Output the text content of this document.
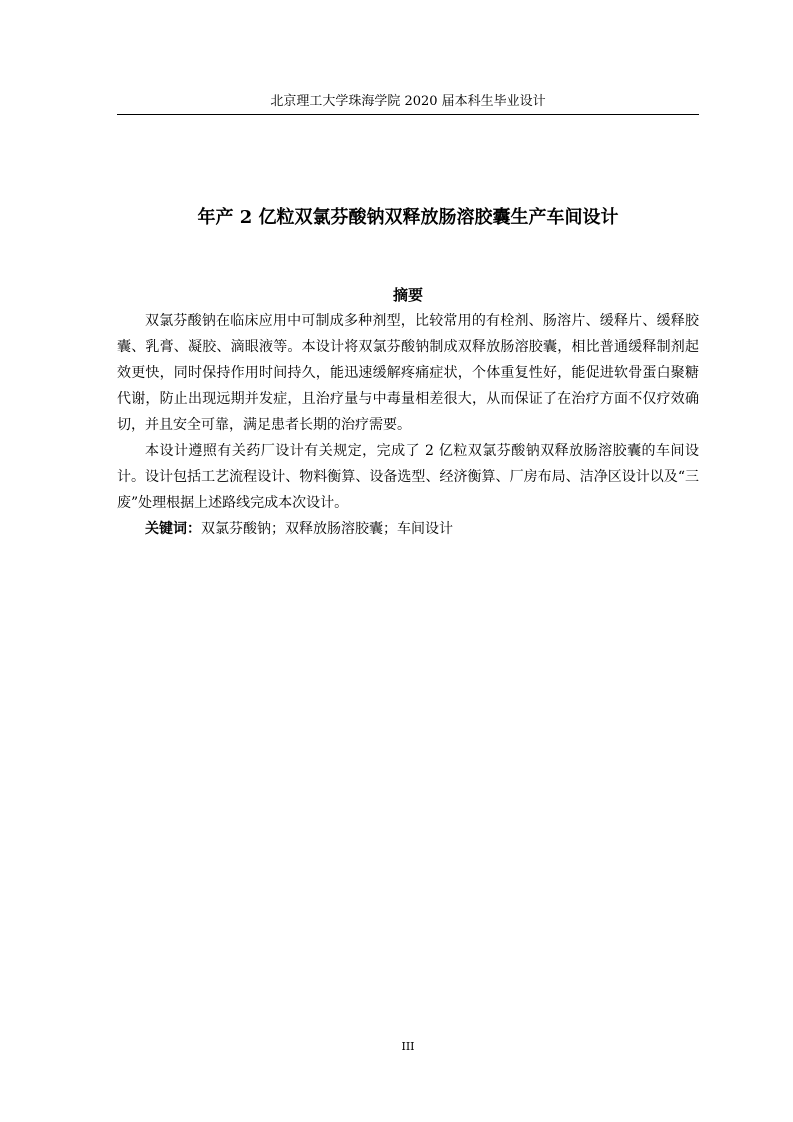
北京理工大学珠海学院 2020 届本科生毕业设计
年产 2 亿粒双氯芬酸钠双释放肠溶胶囊生产车间设计
摘要

双氯芬酸钠在临床应用中可制成多种剂型，比较常用的有栓剂、肠溶片、缓释片、缓释胶囊、乳膏、凝胶、滴眼液等。本设计将双氯芬酸钠制成双释放肠溶胶囊，相比普通缓释制剂起效更快，同时保持作用时间持久，能迅速缓解疼痛症状，个体重复性好，能促进软骨蛋白聚糖代谢，防止出现远期并发症，且治疗量与中毒量相差很大，从而保证了在治疗方面不仅疗效确切，并且安全可靠，满足患者长期的治疗需要。

本设计遵照有关药厂设计有关规定，完成了 2 亿粒双氯芬酸钠双释放肠溶胶囊的车间设计。设计包括工艺流程设计、物料衡算、设备选型、经济衡算、厂房布局、洁净区设计以及“三废”处理根据上述路线完成本次设计。

关键词：双氯芬酸钠；双释放肠溶胶囊；车间设计

III
